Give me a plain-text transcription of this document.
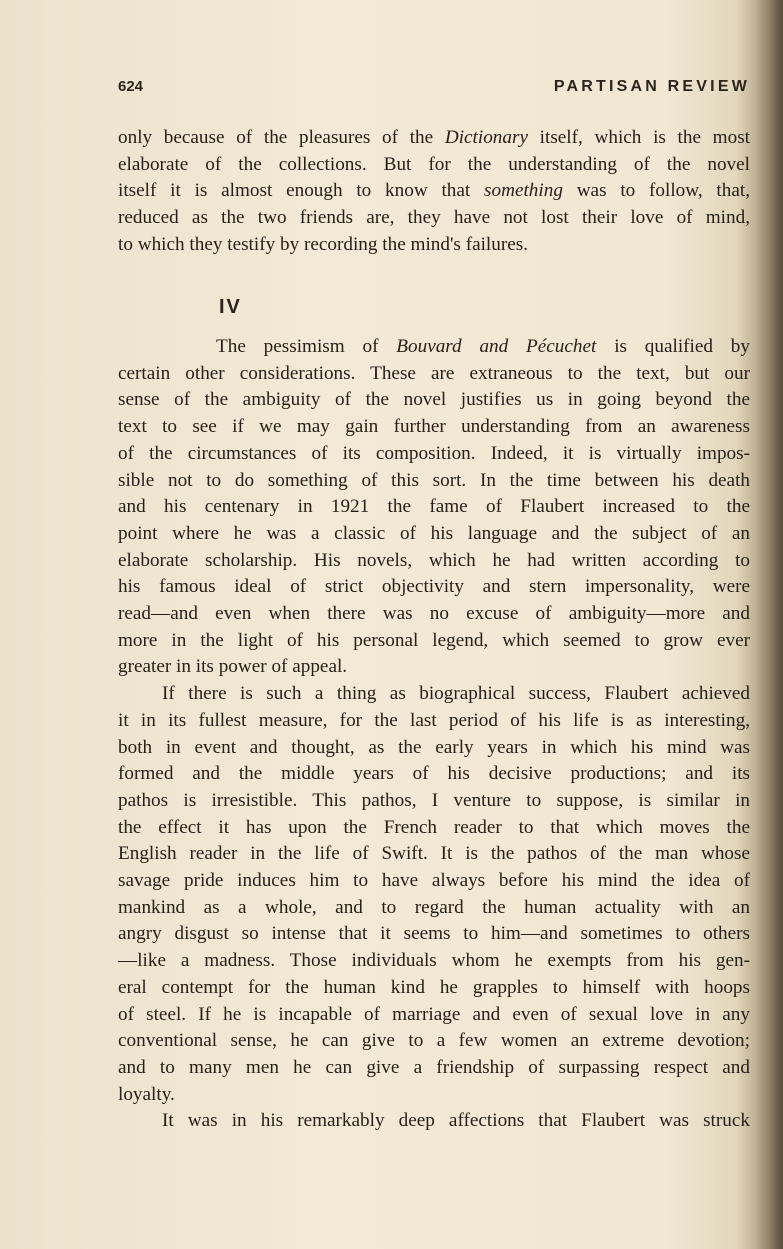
624	PARTISAN REVIEW
only because of the pleasures of the Dictionary itself, which is the most
elaborate of the collections. But for the understanding of the novel
itself it is almost enough to know that something was to follow, that,
reduced as the two friends are, they have not lost their love of mind,
to which they testify by recording the mind's failures.
IV
The pessimism of Bouvard and Pécuchet is qualified by
certain other considerations. These are extraneous to the text, but our
sense of the ambiguity of the novel justifies us in going beyond the
text to see if we may gain further understanding from an awareness
of the circumstances of its composition. Indeed, it is virtually impos-
sible not to do something of this sort. In the time between his death
and his centenary in 1921 the fame of Flaubert increased to the
point where he was a classic of his language and the subject of an
elaborate scholarship. His novels, which he had written according to
his famous ideal of strict objectivity and stern impersonality, were
read—and even when there was no excuse of ambiguity—more and
more in the light of his personal legend, which seemed to grow ever
greater in its power of appeal.
If there is such a thing as biographical success, Flaubert achieved
it in its fullest measure, for the last period of his life is as interesting,
both in event and thought, as the early years in which his mind was
formed and the middle years of his decisive productions; and its
pathos is irresistible. This pathos, I venture to suppose, is similar in
the effect it has upon the French reader to that which moves the
English reader in the life of Swift. It is the pathos of the man whose
savage pride induces him to have always before his mind the idea of
mankind as a whole, and to regard the human actuality with an
angry disgust so intense that it seems to him—and sometimes to others
—like a madness. Those individuals whom he exempts from his gen-
eral contempt for the human kind he grapples to himself with hoops
of steel. If he is incapable of marriage and even of sexual love in any
conventional sense, he can give to a few women an extreme devotion;
and to many men he can give a friendship of surpassing respect and
loyalty.
It was in his remarkably deep affections that Flaubert was struck
